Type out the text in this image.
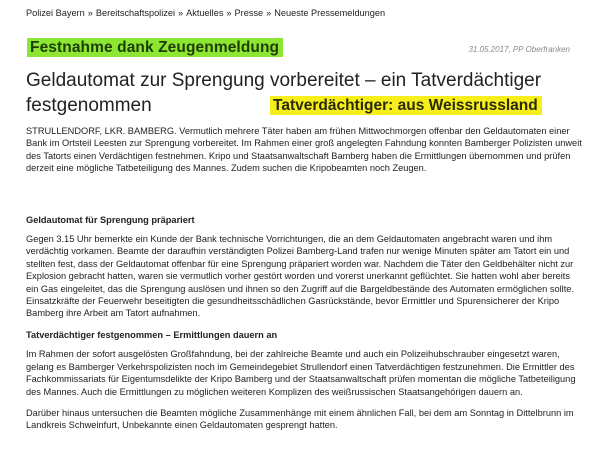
Polizei Bayern » Bereitschaftspolizei » Aktuelles » Presse » Neueste Pressemeldungen
Festnahme dank Zeugenmeldung	31.05.2017, PP Oberfranken
Geldautomat zur Sprengung vorbereitet – ein Tatverdächtiger festgenommen	Tatverdächtiger: aus Weissrussland

STRULLENDORF, LKR. BAMBERG. Vermutlich mehrere Täter haben am frühen Mittwochmorgen offenbar den Geldautomaten einer Bank im Ortsteil Leesten zur Sprengung vorbereitet. Im Rahmen einer groß angelegten Fahndung konnten Bamberger Polizisten unweit des Tatorts einen Verdächtigen festnehmen. Kripo und Staatsanwaltschaft Bamberg haben die Ermittlungen übernommen und prüfen derzeit eine mögliche Tatbeteiligung des Mannes. Zudem suchen die Kripobeamten noch Zeugen.

Geldautomat für Sprengung präpariert

Gegen 3.15 Uhr bemerkte ein Kunde der Bank technische Vorrichtungen, die an dem Geldautomaten angebracht waren und ihm verdächtig vorkamen. Beamte der daraufhin verständigten Polizei Bamberg-Land trafen nur wenige Minuten später am Tatort ein und stellten fest, dass der Geldautomat offenbar für eine Sprengung präpariert worden war. Nachdem die Täter den Geldbehälter nicht zur Explosion gebracht hatten, waren sie vermutlich vorher gestört worden und vorerst unerkannt geflüchtet. Sie hatten wohl aber bereits ein Gas eingeleitet, das die Sprengung auslösen und ihnen so den Zugriff auf die Bargeldbestände des Automaten ermöglichen sollte. Einsatzkräfte der Feuerwehr beseitigten die gesundheitsschädlichen Gasrückstände, bevor Ermittler und Spurensicherer der Kripo Bamberg ihre Arbeit am Tatort aufnahmen.

Tatverdächtiger festgenommen – Ermittlungen dauern an

Im Rahmen der sofort ausgelösten Großfahndung, bei der zahlreiche Beamte und auch ein Polizeihubschrauber eingesetzt waren, gelang es Bamberger Verkehrspolizisten noch im Gemeindegebiet Strullendorf einen Tatverdächtigen festzunehmen. Die Ermittler des Fachkommissariats für Eigentumsdelikte der Kripo Bamberg und der Staatsanwaltschaft prüfen momentan die mögliche Tatbeteiligung des Mannes. Auch die Ermittlungen zu möglichen weiteren Komplizen des weißrussischen Staatsangehörigen dauern an.

Darüber hinaus untersuchen die Beamten mögliche Zusammenhänge mit einem ähnlichen Fall, bei dem am Sonntag in Dittelbrunn im Landkreis Schweinfurt, Unbekannte einen Geldautomaten gesprengt hatten.
